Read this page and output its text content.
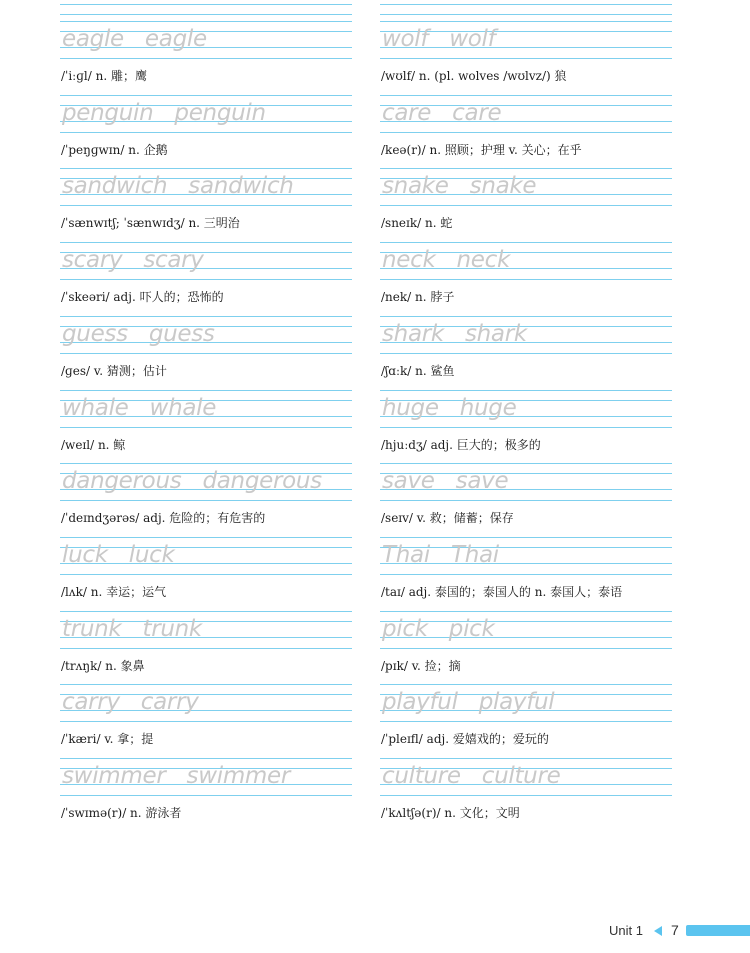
eagle   eagle
/ˈiːɡl/ n. 雕；鹰
penguin   penguin
/ˈpeŋɡwɪn/ n. 企鹅
sandwich   sandwich
/ˈsænwɪtʃ; ˈsænwɪdʒ/ n. 三明治
scary   scary
/ˈskeəri/ adj. 吓人的；恐怖的
guess   guess
/ɡes/ v. 猜测；估计
whale   whale
/weɪl/ n. 鲸
dangerous   dangerous
/ˈdeɪndʒərəs/ adj. 危险的；有危害的
luck   luck
/lʌk/ n. 幸运；运气
trunk   trunk
/trʌŋk/ n. 象鼻
carry   carry
/ˈkæri/ v. 拿；提
swimmer   swimmer
/ˈswɪmə(r)/ n. 游泳者
wolf   wolf
/wʊlf/ n. (pl. wolves /wʊlvz/) 狼
care   care
/keə(r)/ n. 照顾；护理 v. 关心；在乎
snake   snake
/sneɪk/ n. 蛇
neck   neck
/nek/ n. 脖子
shark   shark
/ʃɑːk/ n. 鲨鱼
huge   huge
/hjuːdʒ/ adj. 巨大的；极多的
save   save
/seɪv/ v. 救；储蓄；保存
Thai   Thai
/taɪ/ adj. 泰国的；泰国人的 n. 泰国人；泰语
pick   pick
/pɪk/ v. 捡；摘
playful   playful
/ˈpleɪfl/ adj. 爱嬉戏的；爱玩的
culture   culture
/ˈkʌltʃə(r)/ n. 文化；文明
Unit 1 7
